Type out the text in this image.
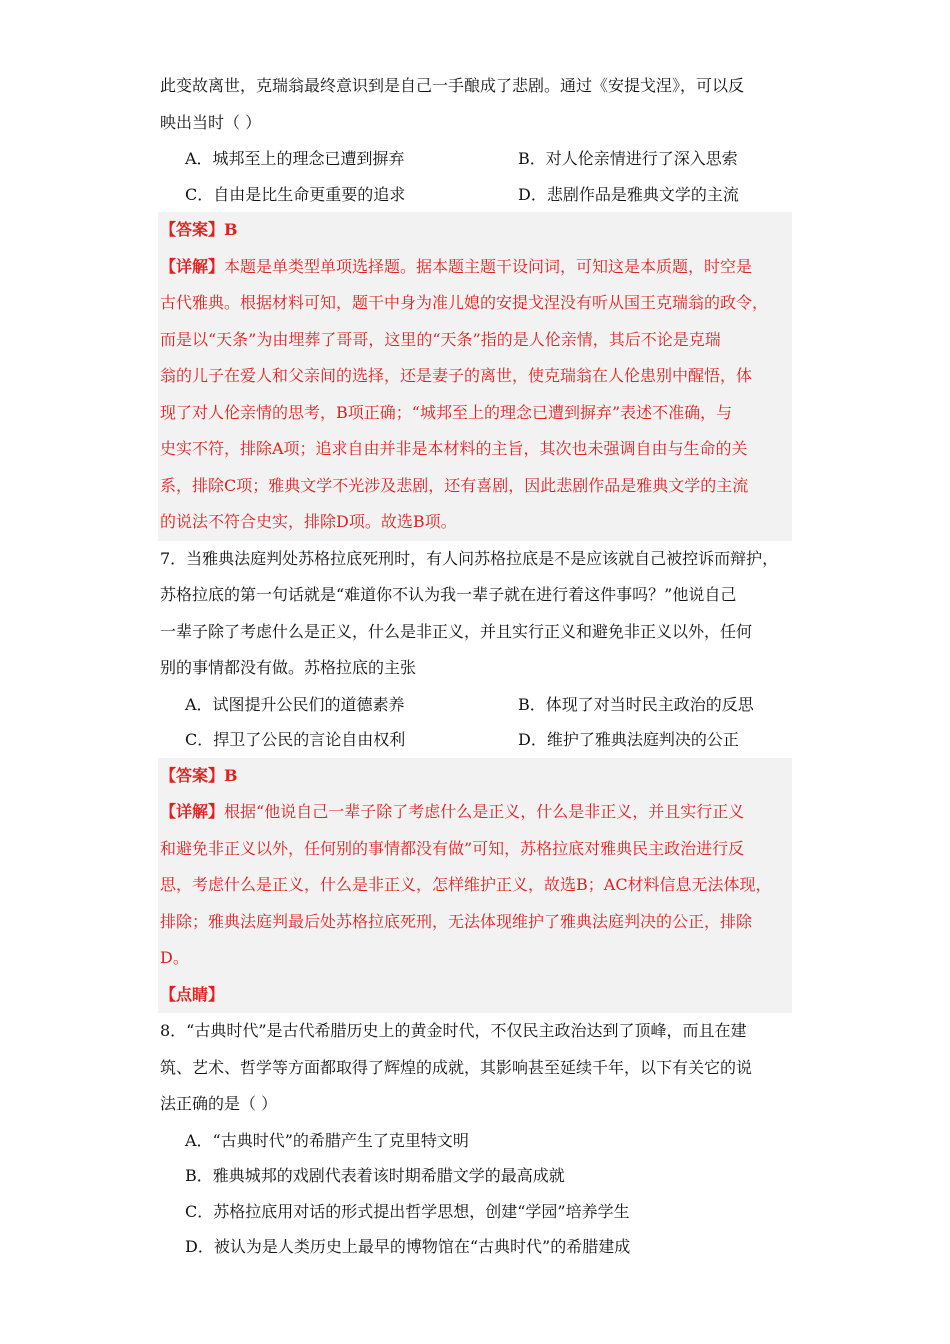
此变故离世，克瑞翁最终意识到是自己一手酿成了悲剧。通过《安提戈涅》，可以反
映出当时（ ）
A．城邦至上的理念已遭到摒弃	B．对人伦亲情进行了深入思索
C．自由是比生命更重要的追求	D．悲剧作品是雅典文学的主流
【答案】B
【详解】本题是单类型单项选择题。据本题主题干设问词，可知这是本质题，时空是
古代雅典。根据材料可知，题干中身为准儿媳的安提戈涅没有听从国王克瑞翁的政令，
而是以“天条”为由埋葬了哥哥，这里的“天条”指的是人伦亲情，其后不论是克瑞
翁的儿子在爱人和父亲间的选择，还是妻子的离世，使克瑞翁在人伦患别中醒悟，体
现了对人伦亲情的思考，B项正确；“城邦至上的理念已遭到摒弃”表述不准确，与
史实不符，排除A项；追求自由并非是本材料的主旨，其次也未强调自由与生命的关
系，排除C项；雅典文学不光涉及悲剧，还有喜剧，因此悲剧作品是雅典文学的主流
的说法不符合史实，排除D项。故选B项。
7．当雅典法庭判处苏格拉底死刑时，有人问苏格拉底是不是应该就自己被控诉而辩护，
苏格拉底的第一句话就是“难道你不认为我一辈子就在进行着这件事吗？”他说自己
一辈子除了考虑什么是正义，什么是非正义，并且实行正义和避免非正义以外，任何
别的事情都没有做。苏格拉底的主张
A．试图提升公民们的道德素养	B．体现了对当时民主政治的反思
C．捍卫了公民的言论自由权利	D．维护了雅典法庭判决的公正
【答案】B
【详解】根据“他说自己一辈子除了考虑什么是正义，什么是非正义，并且实行正义
和避免非正义以外，任何别的事情都没有做”可知，苏格拉底对雅典民主政治进行反
思，考虑什么是正义，什么是非正义，怎样维护正义，故选B；AC材料信息无法体现，
排除；雅典法庭判最后处苏格拉底死刑，无法体现维护了雅典法庭判决的公正，排除
D。
【点睛】
8．“古典时代”是古代希腊历史上的黄金时代，不仅民主政治达到了顶峰，而且在建
筑、艺术、哲学等方面都取得了辉煌的成就，其影响甚至延续千年，以下有关它的说
法正确的是（ ）
A．“古典时代”的希腊产生了克里特文明
B．雅典城邦的戏剧代表着该时期希腊文学的最高成就
C．苏格拉底用对话的形式提出哲学思想，创建“学园”培养学生
D．被认为是人类历史上最早的博物馆在“古典时代”的希腊建成
